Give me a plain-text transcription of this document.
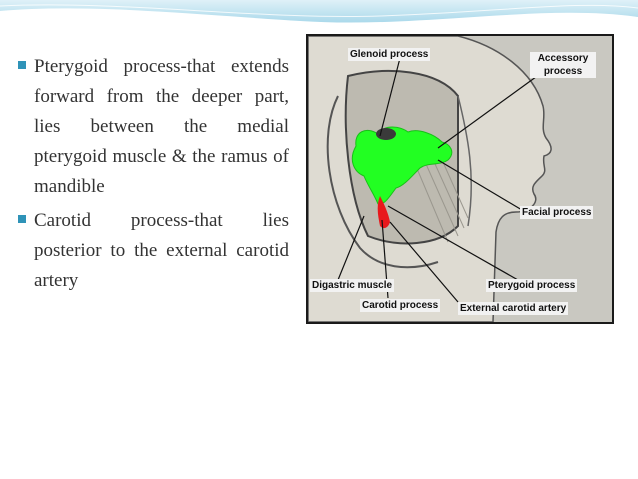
Pterygoid process-that extends forward from the deeper part, lies between the medial pterygoid muscle & the ramus of mandible
Carotid process-that lies posterior to the external carotid artery
Glenoid process	Accessory process
Facial process
Digastric muscle	Pterygoid process
Carotid process External carotid artery
